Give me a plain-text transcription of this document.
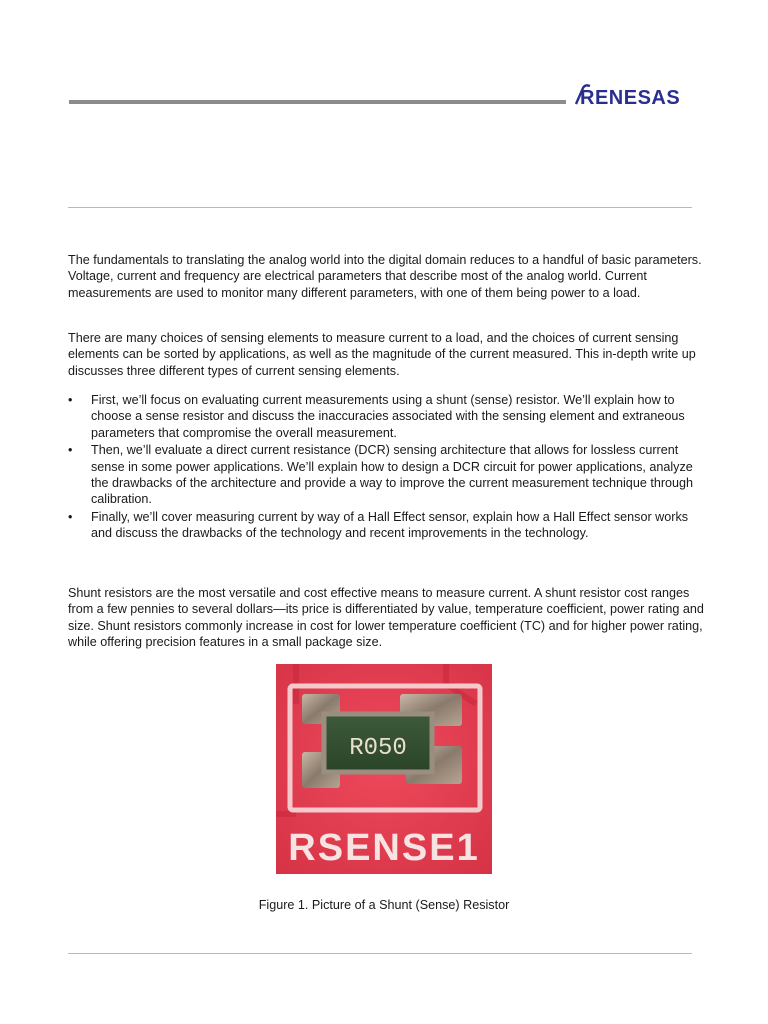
RENESAS

The fundamentals to translating the analog world into the digital domain reduces to a handful of basic parameters. Voltage, current and frequency are electrical parameters that describe most of the analog world. Current measurements are used to monitor many different parameters, with one of them being power to a load.

There are many choices of sensing elements to measure current to a load, and the choices of current sensing elements can be sorted by applications, as well as the magnitude of the current measured. This in-depth write up discusses three different types of current sensing elements.

• First, we’ll focus on evaluating current measurements using a shunt (sense) resistor. We’ll explain how to choose a sense resistor and discuss the inaccuracies associated with the sensing element and extraneous parameters that compromise the overall measurement.
• Then, we’ll evaluate a direct current resistance (DCR) sensing architecture that allows for lossless current sense in some power applications. We’ll explain how to design a DCR circuit for power applications, analyze the drawbacks of the architecture and provide a way to improve the current measurement technique through calibration.
• Finally, we’ll cover measuring current by way of a Hall Effect sensor, explain how a Hall Effect sensor works and discuss the drawbacks of the technology and recent improvements in the technology.

Shunt resistors are the most versatile and cost effective means to measure current. A shunt resistor cost ranges from a few pennies to several dollars—its price is differentiated by value, temperature coefficient, power rating and size. Shunt resistors commonly increase in cost for lower temperature coefficient (TC) and for higher power rating, while offering precision features in a small package size.

R050
RSENSE1

Figure 1. Picture of a Shunt (Sense) Resistor
